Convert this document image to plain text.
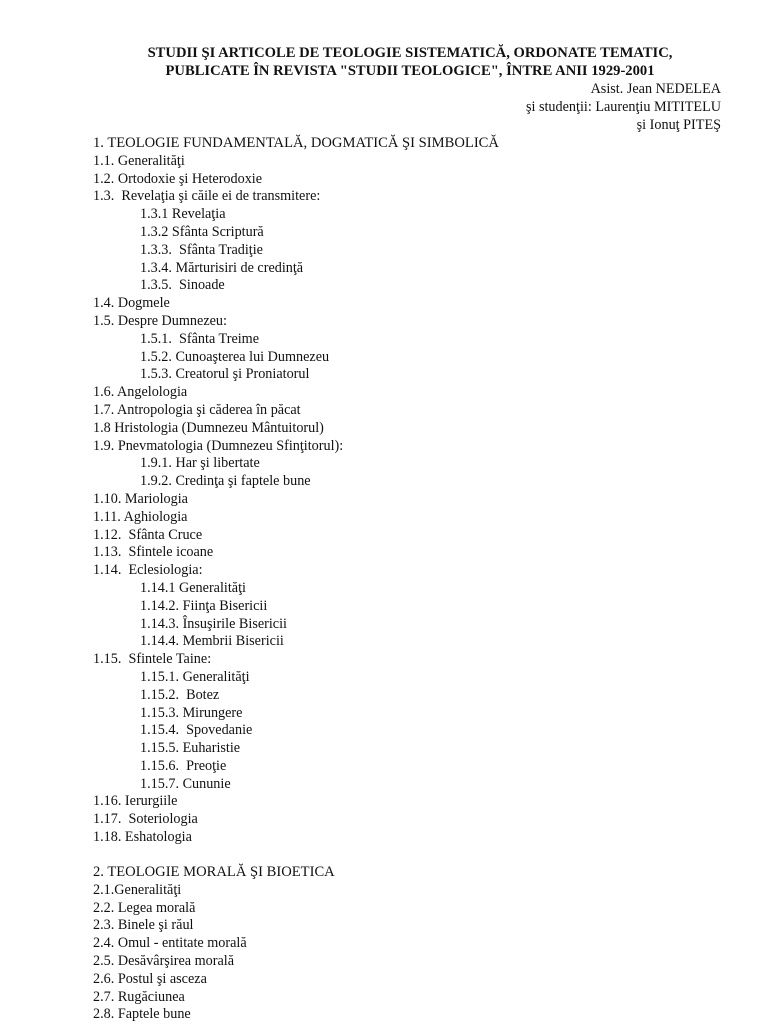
STUDII ŞI ARTICOLE DE TEOLOGIE SISTEMATICĂ, ORDONATE TEMATIC,
PUBLICATE ÎN REVISTA "STUDII TEOLOGICE", ÎNTRE ANII 1929-2001
Asist. Jean NEDELEA
şi studenţii: Laurenţiu MITITELU
şi Ionuţ PITEŞ
1. TEOLOGIE FUNDAMENTALĂ, DOGMATICĂ ŞI SIMBOLICĂ
1.1. Generalităţi
1.2. Ortodoxie şi Heterodoxie
1.3.  Revelaţia şi căile ei de transmitere:
1.3.1 Revelaţia
1.3.2 Sfânta Scriptură
1.3.3.  Sfânta Tradiţie
1.3.4. Mărturisiri de credinţă
1.3.5.  Sinoade
1.4. Dogmele
1.5. Despre Dumnezeu:
1.5.1.  Sfânta Treime
1.5.2. Cunoaşterea lui Dumnezeu
1.5.3. Creatorul şi Proniatorul
1.6. Angelologia
1.7. Antropologia şi căderea în păcat
1.8 Hristologia (Dumnezeu Mântuitorul)
1.9. Pnevmatologia (Dumnezeu Sfinţitorul):
1.9.1. Har şi libertate
1.9.2. Credinţa şi faptele bune
1.10. Mariologia
1.11. Aghiologia
1.12.  Sfânta Cruce
1.13.  Sfintele icoane
1.14.  Eclesiologia:
1.14.1 Generalităţi
1.14.2. Fiinţa Bisericii
1.14.3. Însuşirile Bisericii
1.14.4. Membrii Bisericii
1.15.  Sfintele Taine:
1.15.1. Generalităţi
1.15.2.  Botez
1.15.3. Mirungere
1.15.4.  Spovedanie
1.15.5. Euharistie
1.15.6.  Preoţie
1.15.7. Cununie
1.16. Ierurgiile
1.17.  Soteriologia
1.18. Eshatologia
2. TEOLOGIE MORALĂ ŞI BIOETICA
2.1.Generalităţi
2.2. Legea morală
2.3. Binele şi răul
2.4. Omul - entitate morală
2.5. Desăvârşirea morală
2.6. Postul şi asceza
2.7. Rugăciunea
2.8. Faptele bune
